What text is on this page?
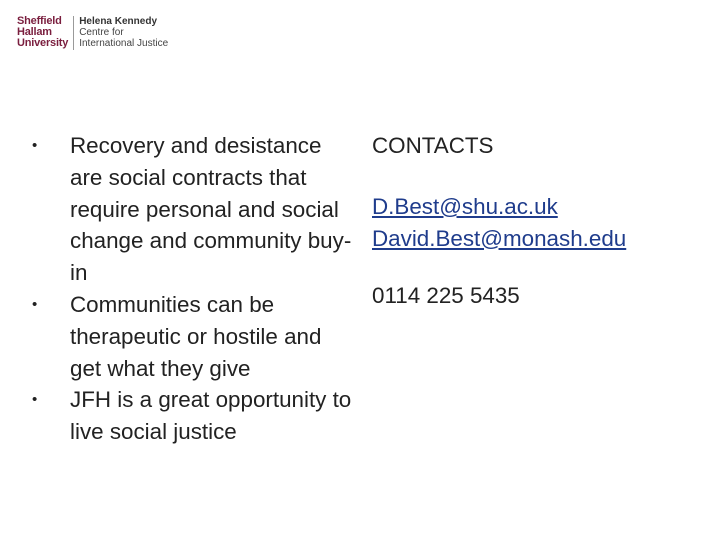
Sheffield
Hallam
University
Helena Kennedy
Centre for
International Justice
•	Recovery and desistance are social contracts that require personal and social change and community buy-in
•	Communities can be therapeutic or hostile and get what they give
•	JFH is a great opportunity to live social justice
CONTACTS
D.Best@shu.ac.uk
David.Best@monash.edu
0114 225 5435
